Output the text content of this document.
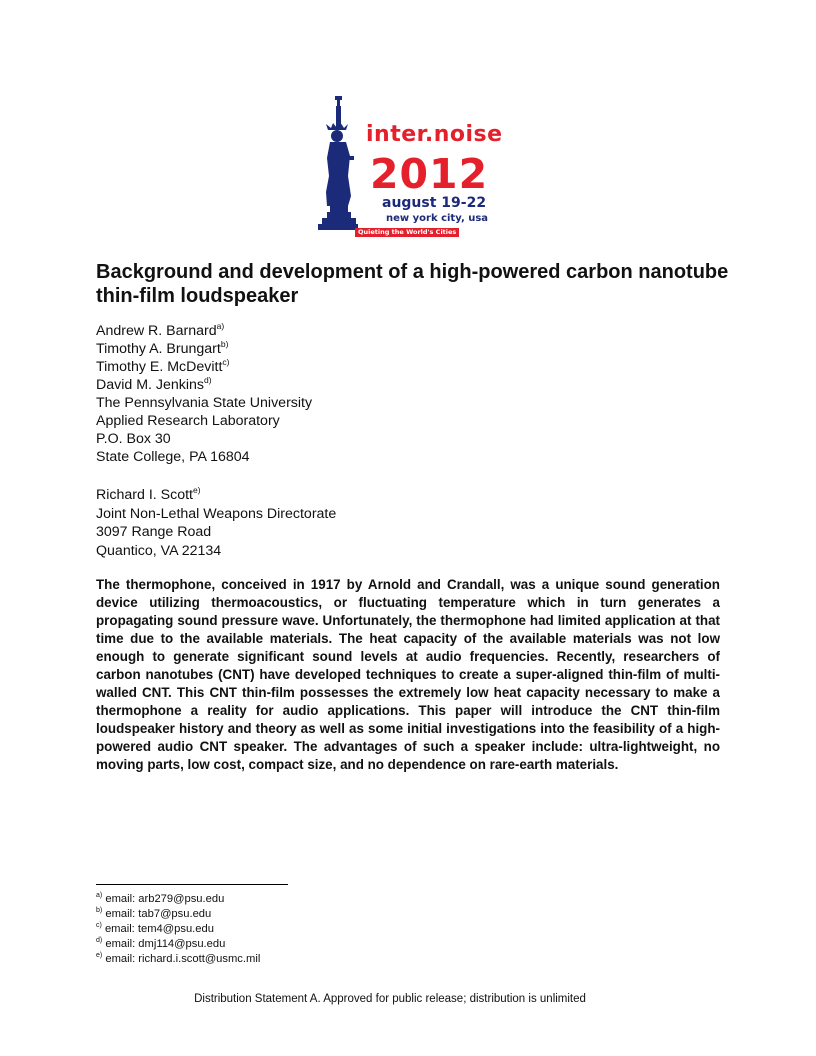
inter.noise
2012
august 19-22
new york city, usa
Quieting the World's Cities
Background and development of a high-powered carbon nanotube thin-film loudspeaker
Andrew R. Barnard$^{a)}$
Timothy A. Brungart$^{b)}$
Timothy E. McDevitt$^{c)}$
David M. Jenkins$^{d)}$
The Pennsylvania State University
Applied Research Laboratory
P.O. Box 30
State College, PA 16804
Richard I. Scott$^{e)}$
Joint Non-Lethal Weapons Directorate
3097 Range Road
Quantico, VA 22134

The thermophone, conceived in 1917 by Arnold and Crandall, was a unique sound generation device utilizing thermoacoustics, or fluctuating temperature which in turn generates a propagating sound pressure wave. Unfortunately, the thermophone had limited application at that time due to the available materials. The heat capacity of the available materials was not low enough to generate significant sound levels at audio frequencies. Recently, researchers of carbon nanotubes (CNT) have developed techniques to create a super-aligned thin-film of multi-walled CNT. This CNT thin-film possesses the extremely low heat capacity necessary to make a thermophone a reality for audio applications. This paper will introduce the CNT thin-film loudspeaker history and theory as well as some initial investigations into the feasibility of a high-powered audio CNT speaker. The advantages of such a speaker include: ultra-lightweight, no moving parts, low cost, compact size, and no dependence on rare-earth materials.

$^{a)}$ email: arb279@psu.edu
$^{b)}$ email: tab7@psu.edu
$^{c)}$ email: tem4@psu.edu
$^{d)}$ email: dmj114@psu.edu
$^{e)}$ email: richard.i.scott@usmc.mil
Distribution Statement A. Approved for public release; distribution is unlimited
